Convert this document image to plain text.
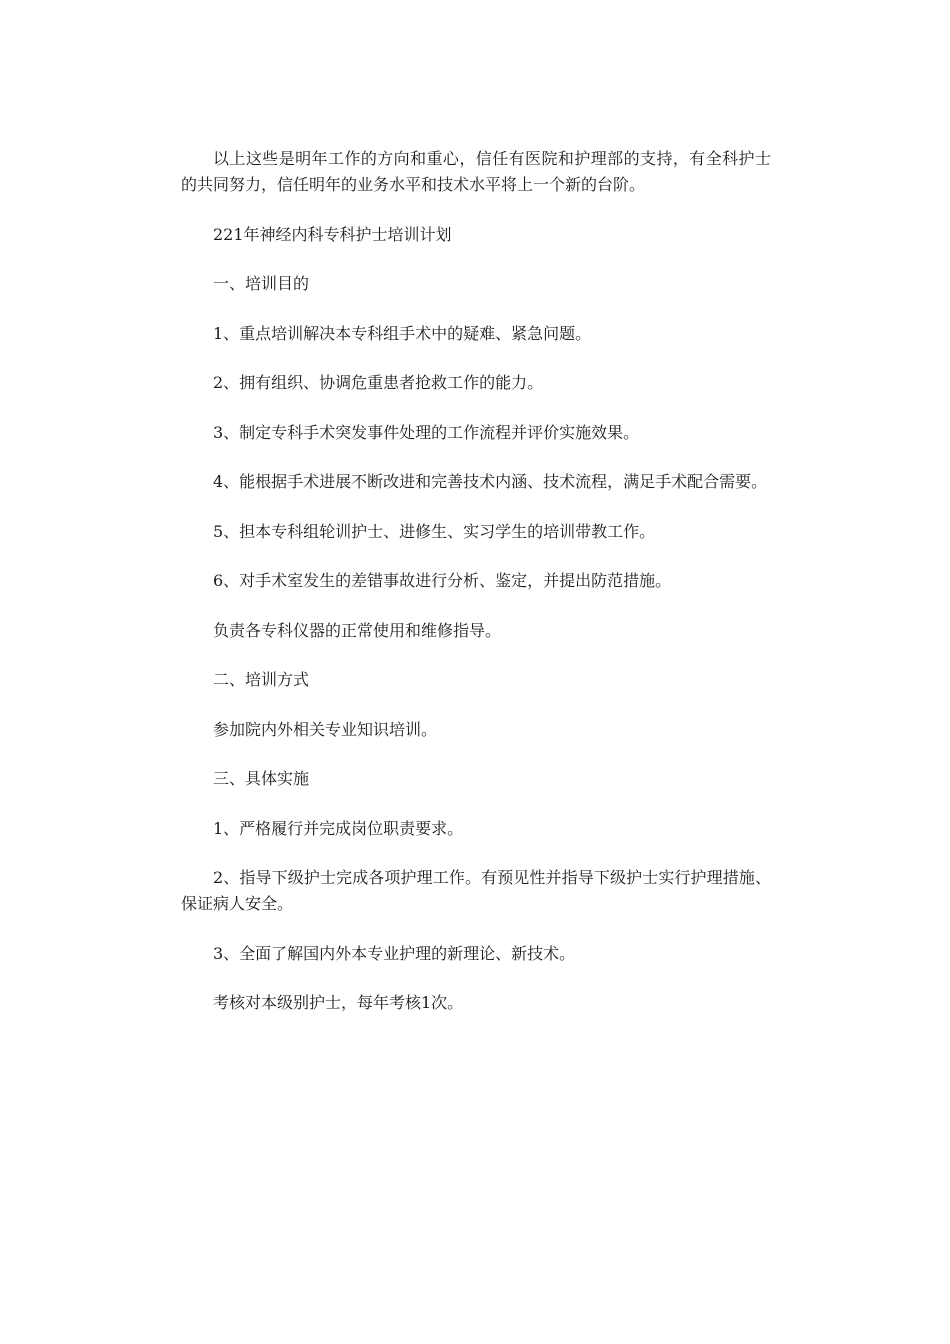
以上这些是明年工作的方向和重心，信任有医院和护理部的支持，有全科护士的共同努力，信任明年的业务水平和技术水平将上一个新的台阶。

221年神经内科专科护士培训计划

一、培训目的

1、重点培训解决本专科组手术中的疑难、紧急问题。

2、拥有组织、协调危重患者抢救工作的能力。

3、制定专科手术突发事件处理的工作流程并评价实施效果。

4、能根据手术进展不断改进和完善技术内涵、技术流程，满足手术配合需要。

5、担本专科组轮训护士、进修生、实习学生的培训带教工作。

6、对手术室发生的差错事故进行分析、鉴定，并提出防范措施。

负责各专科仪器的正常使用和维修指导。

二、培训方式

参加院内外相关专业知识培训。

三、具体实施

1、严格履行并完成岗位职责要求。

2、指导下级护士完成各项护理工作。有预见性并指导下级护士实行护理措施、保证病人安全。

3、全面了解国内外本专业护理的新理论、新技术。

考核对本级别护士，每年考核1次。
